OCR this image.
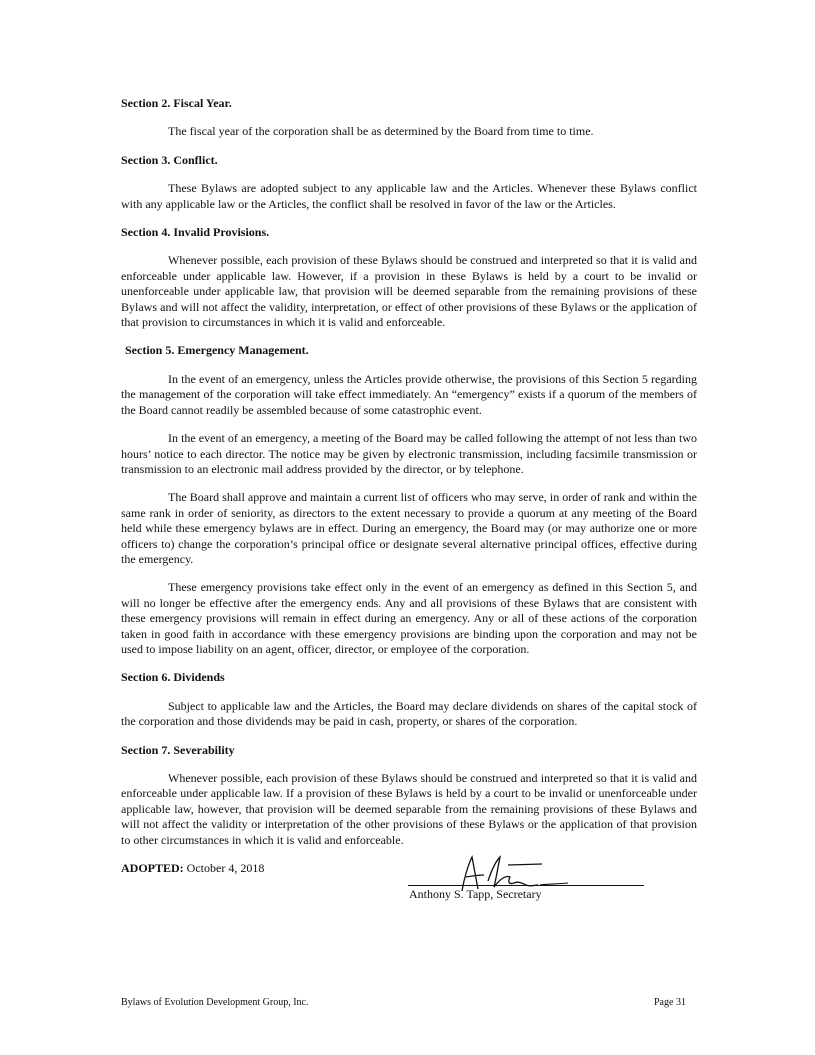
Section 2. Fiscal Year.

The fiscal year of the corporation shall be as determined by the Board from time to time.

Section 3. Conflict.

These Bylaws are adopted subject to any applicable law and the Articles. Whenever these Bylaws conflict with any applicable law or the Articles, the conflict shall be resolved in favor of the law or the Articles.

Section 4. Invalid Provisions.

Whenever possible, each provision of these Bylaws should be construed and interpreted so that it is valid and enforceable under applicable law. However, if a provision in these Bylaws is held by a court to be invalid or unenforceable under applicable law, that provision will be deemed separable from the remaining provisions of these Bylaws and will not affect the validity, interpretation, or effect of other provisions of these Bylaws or the application of that provision to circumstances in which it is valid and enforceable.

Section 5. Emergency Management.

In the event of an emergency, unless the Articles provide otherwise, the provisions of this Section 5 regarding the management of the corporation will take effect immediately. An “emergency” exists if a quorum of the members of the Board cannot readily be assembled because of some catastrophic event.

In the event of an emergency, a meeting of the Board may be called following the attempt of not less than two hours’ notice to each director. The notice may be given by electronic transmission, including facsimile transmission or transmission to an electronic mail address provided by the director, or by telephone.

The Board shall approve and maintain a current list of officers who may serve, in order of rank and within the same rank in order of seniority, as directors to the extent necessary to provide a quorum at any meeting of the Board held while these emergency bylaws are in effect. During an emergency, the Board may (or may authorize one or more officers to) change the corporation’s principal office or designate several alternative principal offices, effective during the emergency.

These emergency provisions take effect only in the event of an emergency as defined in this Section 5, and will no longer be effective after the emergency ends. Any and all provisions of these Bylaws that are consistent with these emergency provisions will remain in effect during an emergency. Any or all of these actions of the corporation taken in good faith in accordance with these emergency provisions are binding upon the corporation and may not be used to impose liability on an agent, officer, director, or employee of the corporation.

Section 6. Dividends

Subject to applicable law and the Articles, the Board may declare dividends on shares of the capital stock of the corporation and those dividends may be paid in cash, property, or shares of the corporation.

Section 7. Severability

Whenever possible, each provision of these Bylaws should be construed and interpreted so that it is valid and enforceable under applicable law. If a provision of these Bylaws is held by a court to be invalid or unenforceable under applicable law, however, that provision will be deemed separable from the remaining provisions of these Bylaws and will not affect the validity or interpretation of the other provisions of these Bylaws or the application of that provision to other circumstances in which it is valid and enforceable.

ADOPTED: October 4, 2018
Anthony S. Tapp, Secretary
Bylaws of Evolution Development Group, Inc.	Page 31
